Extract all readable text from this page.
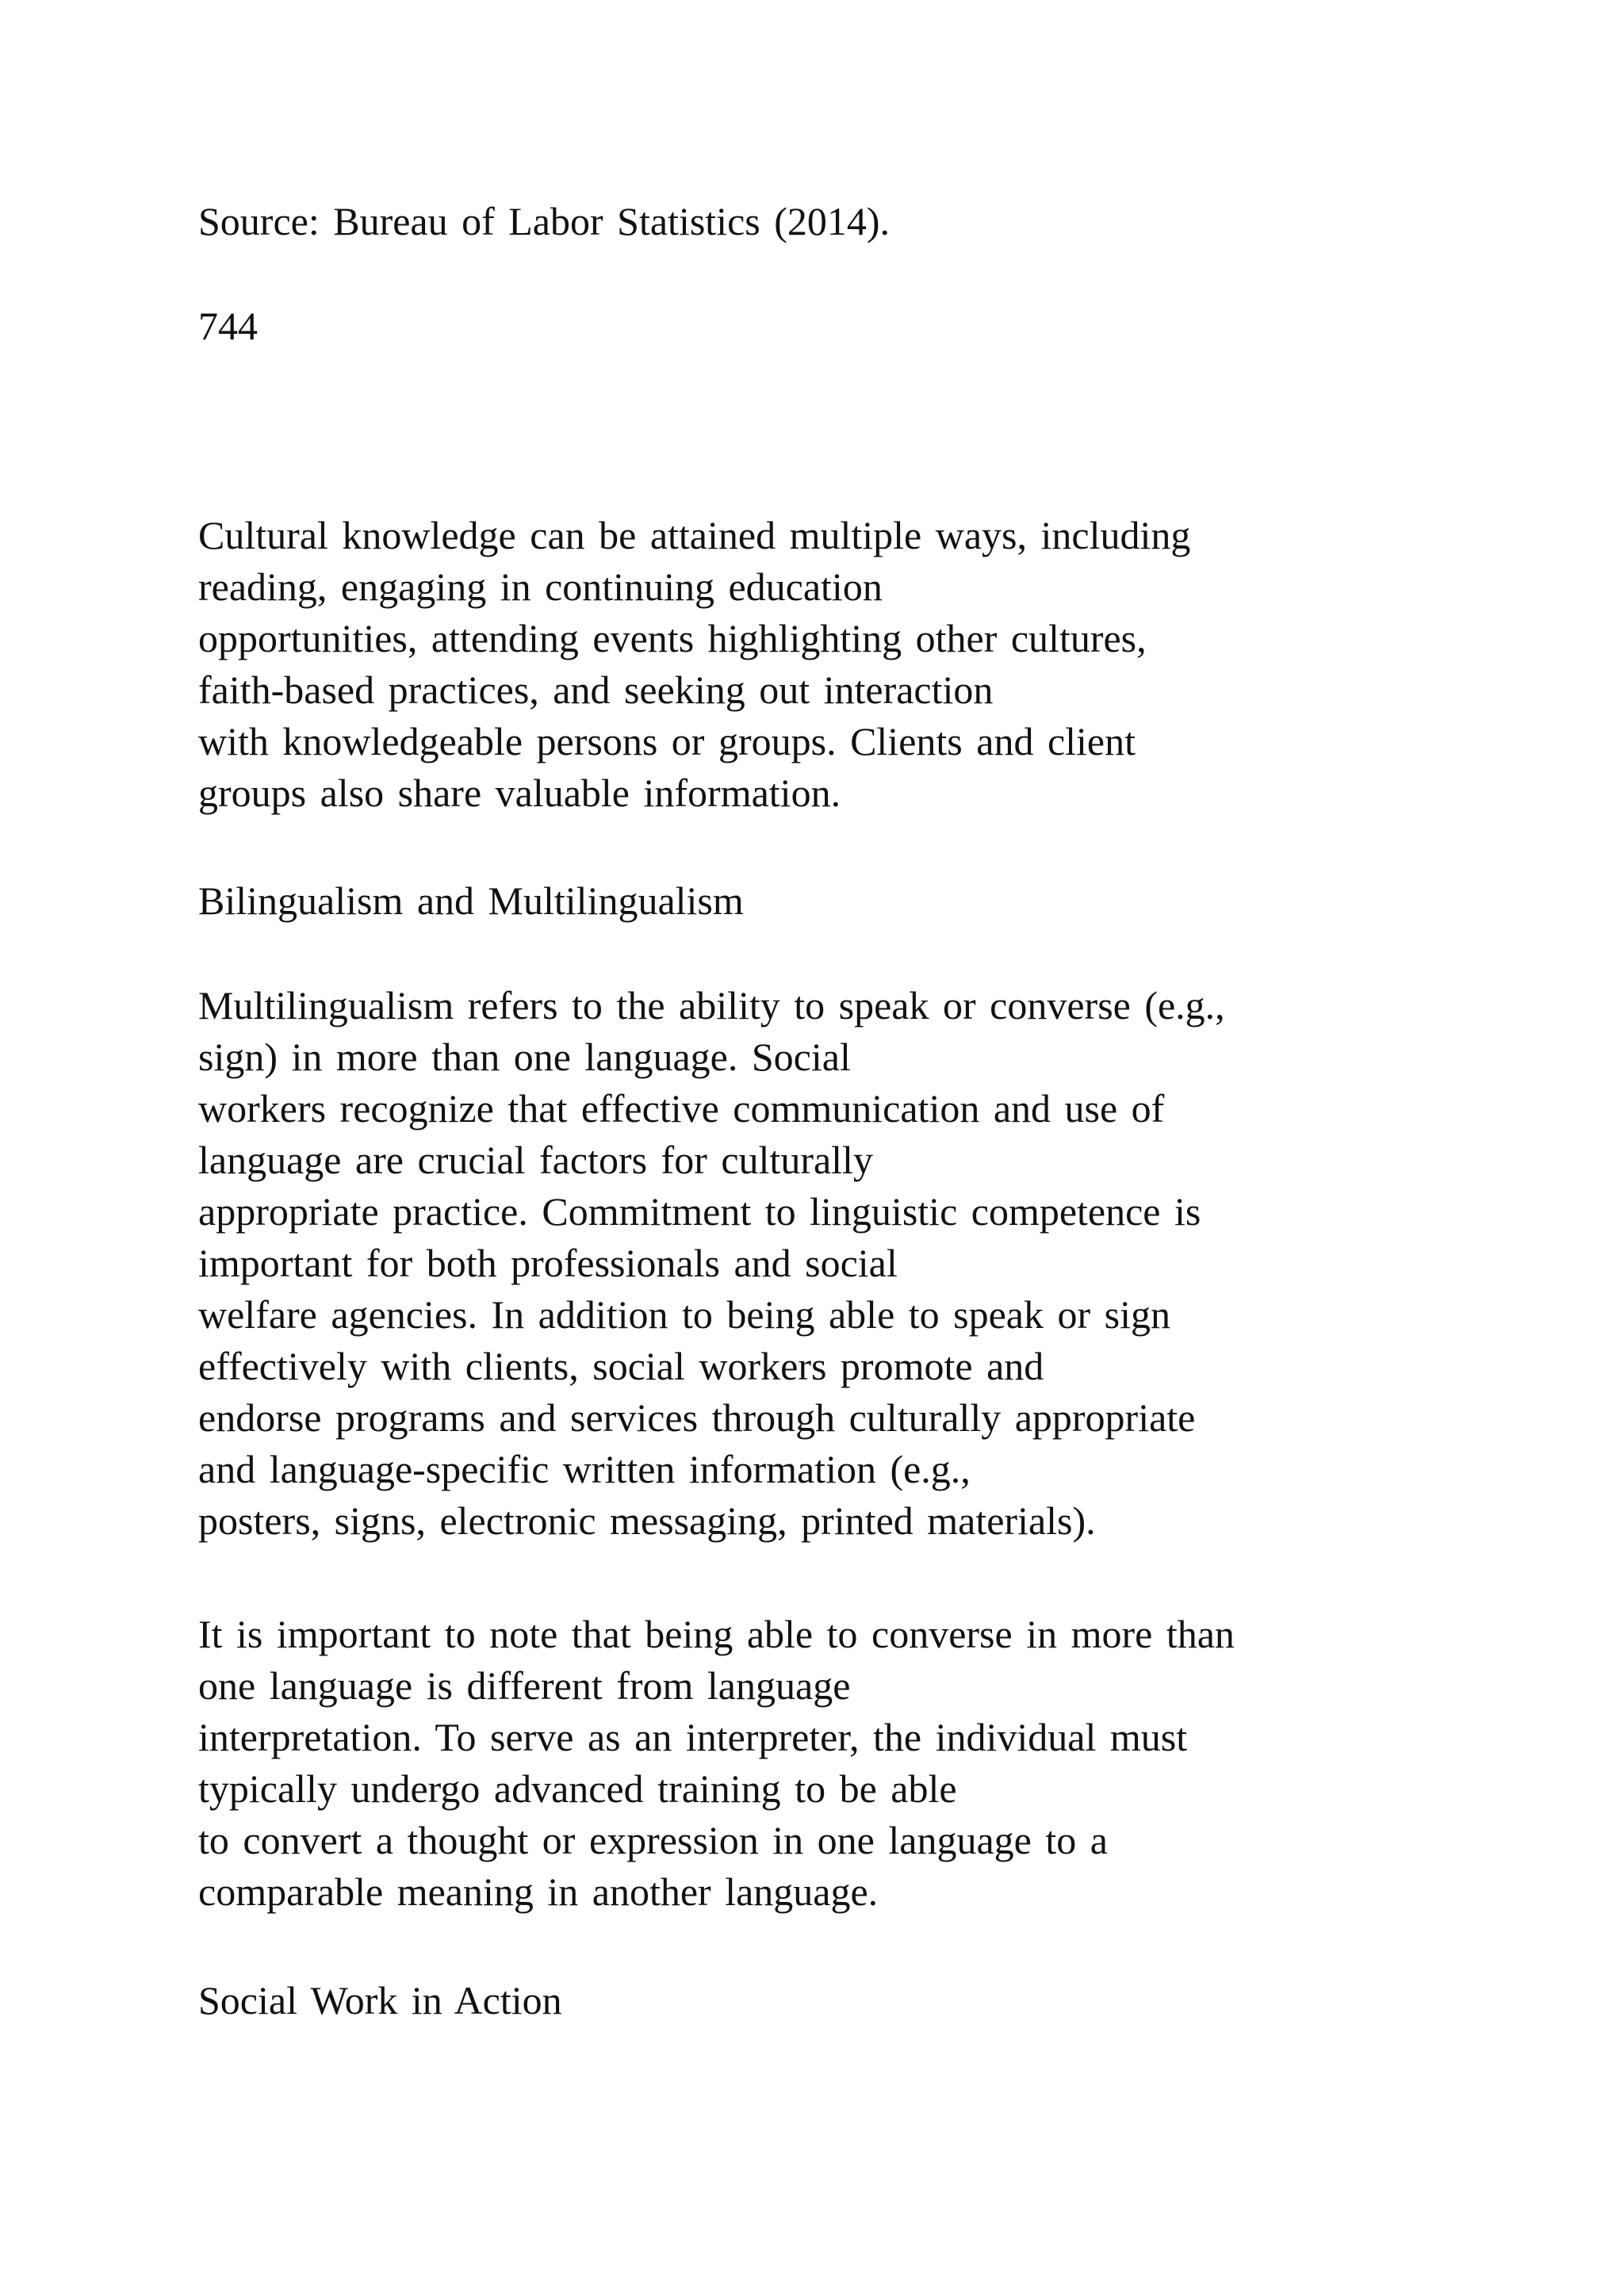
Source: Bureau of Labor Statistics (2014).

744

Cultural knowledge can be attained multiple ways, including
reading, engaging in continuing education
opportunities, attending events highlighting other cultures,
faith-based practices, and seeking out interaction
with knowledgeable persons or groups. Clients and client
groups also share valuable information.

Bilingualism and Multilingualism

Multilingualism refers to the ability to speak or converse (e.g.,
sign) in more than one language. Social
workers recognize that effective communication and use of
language are crucial factors for culturally
appropriate practice. Commitment to linguistic competence is
important for both professionals and social
welfare agencies. In addition to being able to speak or sign
effectively with clients, social workers promote and
endorse programs and services through culturally appropriate
and language-specific written information (e.g.,
posters, signs, electronic messaging, printed materials).

It is important to note that being able to converse in more than
one language is different from language
interpretation. To serve as an interpreter, the individual must
typically undergo advanced training to be able
to convert a thought or expression in one language to a
comparable meaning in another language.

Social Work in Action
